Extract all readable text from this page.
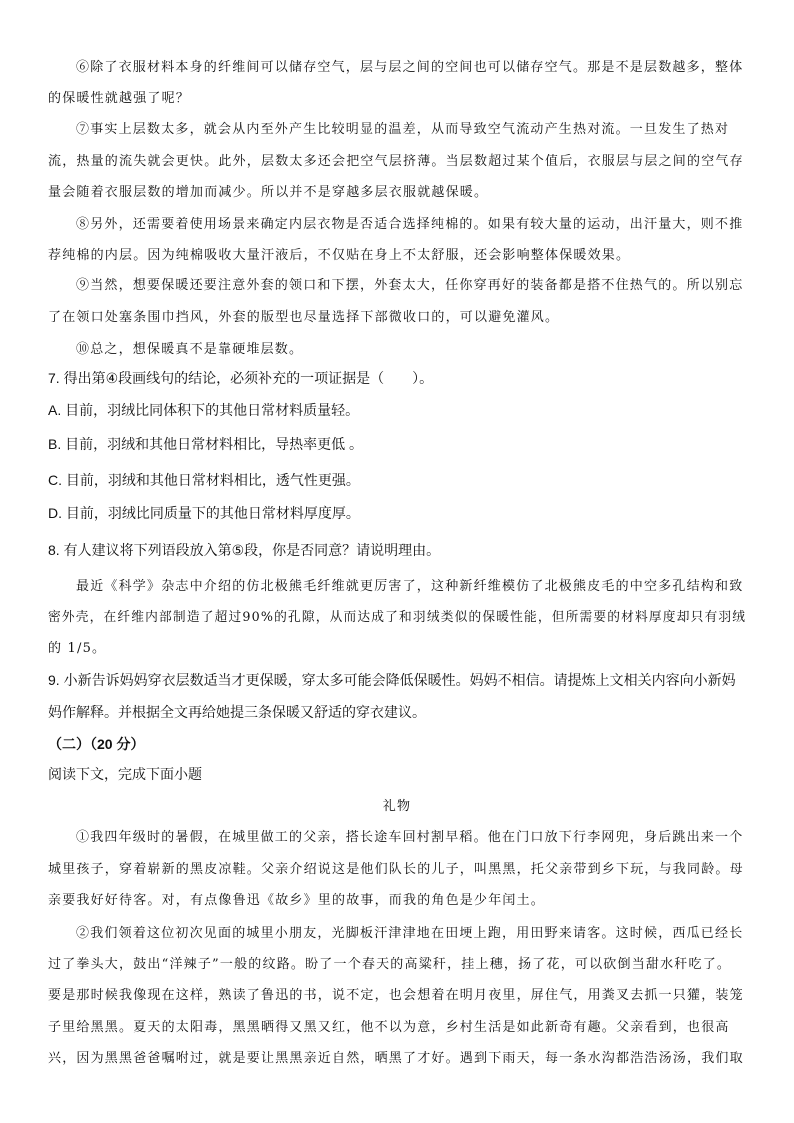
⑥除了衣服材料本身的纤维间可以储存空气，层与层之间的空间也可以储存空气。那是不是层数越多，整体
的保暖性就越强了呢？
⑦事实上层数太多，就会从内至外产生比较明显的温差，从而导致空气流动产生热对流。一旦发生了热对
流，热量的流失就会更快。此外，层数太多还会把空气层挤薄。当层数超过某个值后，衣服层与层之间的空气存
量会随着衣服层数的增加而减少。所以并不是穿越多层衣服就越保暖。
⑧另外，还需要着使用场景来确定内层衣物是否适合选择纯棉的。如果有较大量的运动，出汗量大，则不推
荐纯棉的内层。因为纯棉吸收大量汗液后，不仅贴在身上不太舒服，还会影响整体保暖效果。
⑨当然，想要保暖还要注意外套的领口和下摆，外套太大，任你穿再好的装备都是搭不住热气的。所以别忘
了在领口处塞条围巾挡风，外套的版型也尽量选择下部微收口的，可以避免灌风。
⑩总之，想保暖真不是靠硬堆层数。
7. 得出第④段画线句的结论，必须补充的一项证据是（　　）。
A. 目前，羽绒比同体积下的其他日常材料质量轻。
B. 目前，羽绒和其他日常材料相比，导热率更低 。
C. 目前，羽绒和其他日常材料相比，透气性更强。
D. 目前，羽绒比同质量下的其他日常材料厚度厚。
8. 有人建议将下列语段放入第⑤段，你是否同意？请说明理由。
最近《科学》杂志中介绍的仿北极熊毛纤维就更厉害了，这种新纤维模仿了北极熊皮毛的中空多孔结构和致
密外壳，在纤维内部制造了超过90%的孔隙，从而达成了和羽绒类似的保暖性能，但所需要的材料厚度却只有羽绒
的 1/5。
9. 小新告诉妈妈穿衣层数适当才更保暖，穿太多可能会降低保暖性。妈妈不相信。请提炼上文相关内容向小新妈
妈作解释。并根据全文再给她提三条保暖又舒适的穿衣建议。
（二）（20 分）
阅读下文，完成下面小题
礼物
①我四年级时的暑假，在城里做工的父亲，搭长途车回村割早稻。他在门口放下行李网兜，身后跳出来一个
城里孩子，穿着崭新的黑皮凉鞋。父亲介绍说这是他们队长的儿子，叫黑黑，托父亲带到乡下玩，与我同龄。母
亲要我好好待客。对，有点像鲁迅《故乡》里的故事，而我的角色是少年闰土。
②我们领着这位初次见面的城里小朋友，光脚板汗津津地在田埂上跑，用田野来请客。这时候，西瓜已经长
过了拳头大，鼓出“洋辣子”一般的纹路。盼了一个春天的高粱秆，挂上穗，扬了花，可以砍倒当甜水秆吃了。
要是那时候我像现在这样，熟读了鲁迅的书，说不定，也会想着在明月夜里，屏住气，用粪叉去抓一只獾，装笼
子里给黑黑。夏天的太阳毒，黑黑晒得又黑又红，他不以为意，乡村生活是如此新奇有趣。父亲看到，也很高
兴，因为黑黑爸爸嘱咐过，就是要让黑黑亲近自然，晒黑了才好。遇到下雨天，每一条水沟都浩浩汤汤，我们取
